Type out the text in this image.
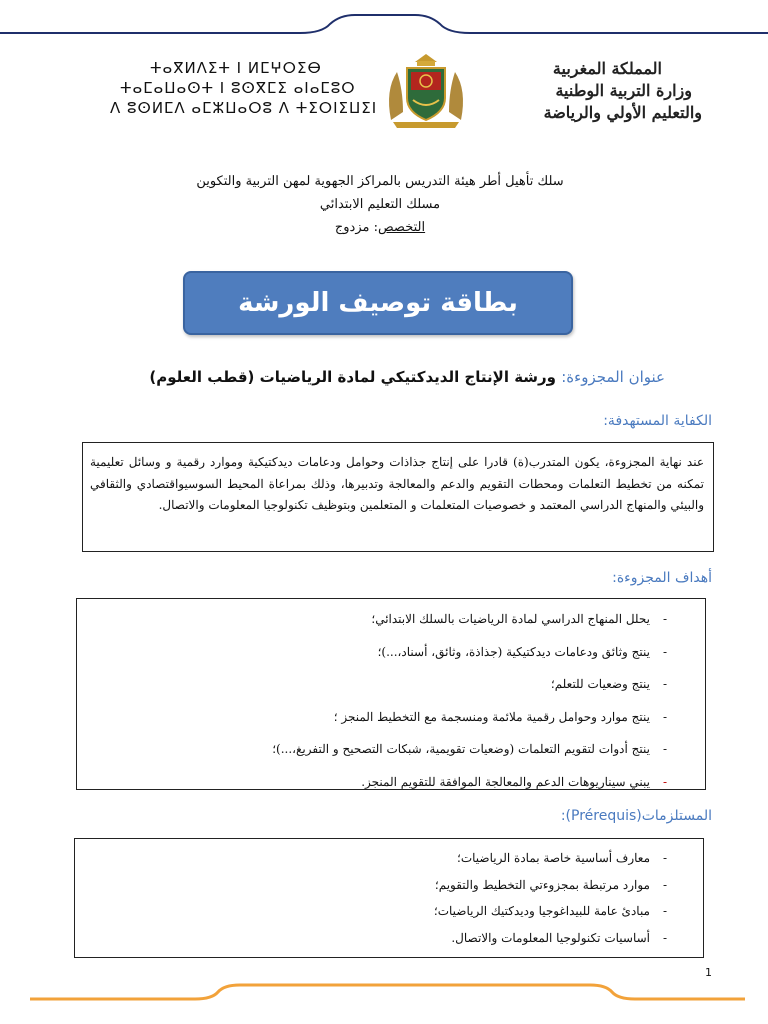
ⵜⴰⴳⵍⴷⵉⵜ ⵏ ⵍⵎⵖⵔⵉⴱ
ⵜⴰⵎⴰⵡⴰⵙⵜ ⵏ ⵓⵙⴳⵎⵉ ⴰⵏⴰⵎⵓⵔ
ⴷ ⵓⵙⵍⵎⴷ ⴰⵎⵣⵡⴰⵔⵓ ⴷ ⵜⵉⵔⵏⵉⵡⵉⵏ
المملكة المغربية
وزارة التربية الوطنية
والتعليم الأولي والرياضة
سلك تأهيل أطر هيئة التدريس بالمراكز الجهوية لمهن التربية والتكوين
مسلك التعليم الابتدائي
التخصص: مزدوج
بطاقة توصيف الورشة
عنوان المجزوءة: ورشة الإنتاج الديدكتيكي لمادة الرياضيات (قطب العلوم)
الكفاية المستهدفة:
عند نهاية المجزوءة، يكون المتدرب(ة) قادرا على إنتاج جذاذات وحوامل ودعامات ديدكتيكية وموارد رقمية و وسائل تعليمية تمكنه من تخطيط التعلمات ومحطات التقويم والدعم والمعالجة وتدبيرها، وذلك بمراعاة المحيط السوسيواقتصادي والثقافي والبيئي والمنهاج الدراسي المعتمد و خصوصيات المتعلمات و المتعلمين وبتوظيف تكنولوجيا المعلومات والاتصال.
أهداف المجزوءة:
-
يحلل المنهاج الدراسي لمادة الرياضيات بالسلك الابتدائي؛
-
ينتج وثائق ودعامات ديدكتيكية (جذاذة، وثائق، أسناد،...)؛
-
ينتج وضعيات للتعلم؛
-
ينتج موارد وحوامل رقمية ملائمة ومنسجمة مع التخطيط المنجز ؛
-
ينتج أدوات لتقويم التعلمات (وضعيات تقويمية، شبكات التصحيح و التفريغ،...)؛
-
يبني سيناريوهات الدعم والمعالجة الموافقة للتقويم المنجز.
المستلزمات(Prérequis):
-
معارف أساسية خاصة بمادة الرياضيات؛
-
موارد مرتبطة بمجزوءتي التخطيط والتقويم؛
-
مبادئ عامة للبيداغوجيا وديدكتيك الرياضيات؛
-
أساسيات تكنولوجيا المعلومات والاتصال.
1
